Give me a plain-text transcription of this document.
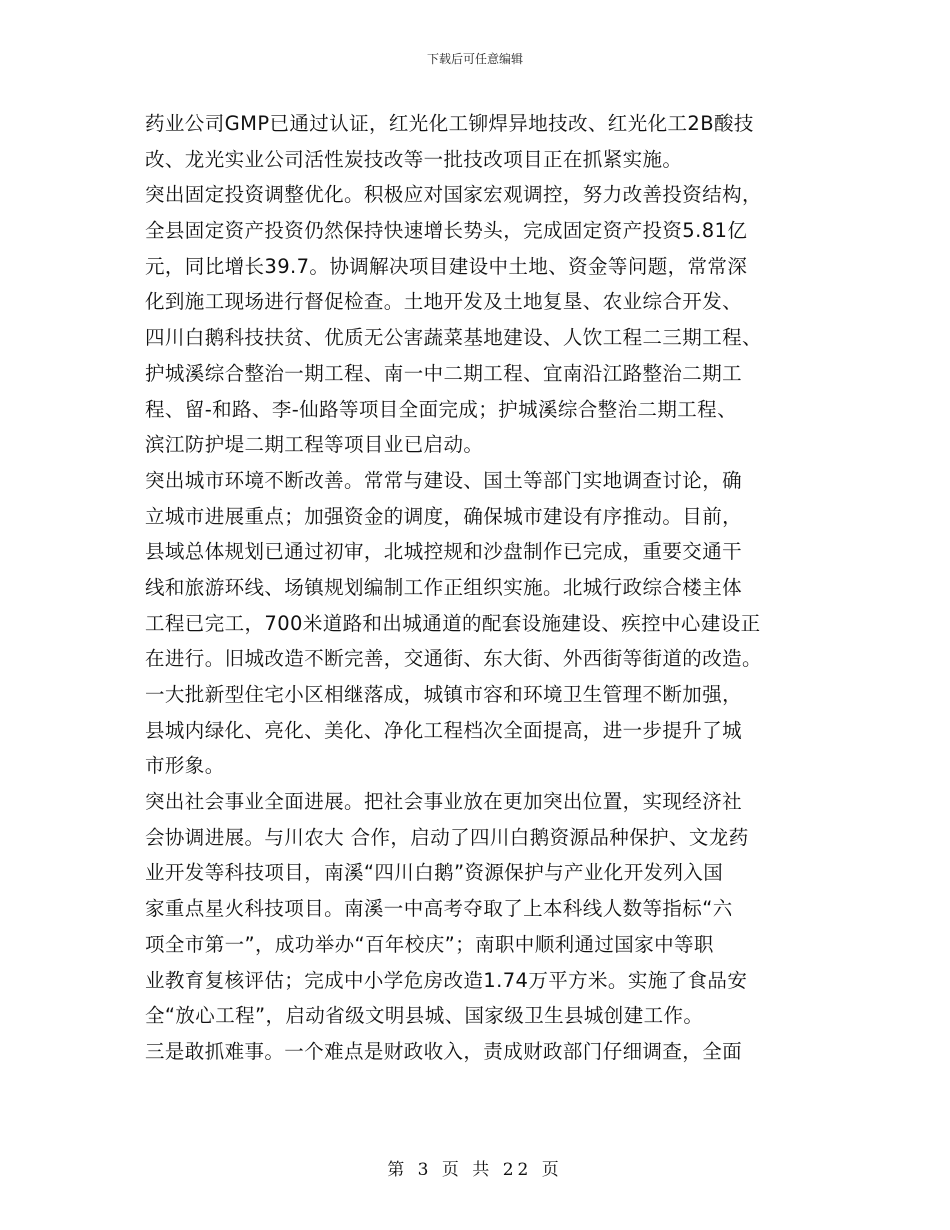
下载后可任意编辑
药业公司GMP已通过认证，红光化工铆焊异地技改、红光化工2B酸技
改、龙光实业公司活性炭技改等一批技改项目正在抓紧实施。
突出固定投资调整优化。积极应对国家宏观调控，努力改善投资结构，
全县固定资产投资仍然保持快速增长势头，完成固定资产投资5.81亿
元，同比增长39.7。协调解决项目建设中土地、资金等问题，常常深
化到施工现场进行督促检查。土地开发及土地复垦、农业综合开发、
四川白鹅科技扶贫、优质无公害蔬菜基地建设、人饮工程二三期工程、
护城溪综合整治一期工程、南一中二期工程、宜南沿江路整治二期工
程、留-和路、李-仙路等项目全面完成；护城溪综合整治二期工程、
滨江防护堤二期工程等项目业已启动。
突出城市环境不断改善。常常与建设、国土等部门实地调查讨论，确
立城市进展重点；加强资金的调度，确保城市建设有序推动。目前，
县域总体规划已通过初审，北城控规和沙盘制作已完成，重要交通干
线和旅游环线、场镇规划编制工作正组织实施。北城行政综合楼主体
工程已完工，700米道路和出城通道的配套设施建设、疾控中心建设正
在进行。旧城改造不断完善，交通街、东大街、外西街等街道的改造。
一大批新型住宅小区相继落成，城镇市容和环境卫生管理不断加强，
县城内绿化、亮化、美化、净化工程档次全面提高，进一步提升了城
市形象。
突出社会事业全面进展。把社会事业放在更加突出位置，实现经济社
会协调进展。与川农大 合作，启动了四川白鹅资源品种保护、文龙药
业开发等科技项目，南溪“四川白鹅”资源保护与产业化开发列入国
家重点星火科技项目。南溪一中高考夺取了上本科线人数等指标“六
项全市第一”，成功举办“百年校庆”；南职中顺利通过国家中等职
业教育复核评估；完成中小学危房改造1.74万平方米。实施了食品安
全“放心工程”，启动省级文明县城、国家级卫生县城创建工作。
三是敢抓难事。一个难点是财政收入，责成财政部门仔细调查，全面
第 3 页 共 22 页
